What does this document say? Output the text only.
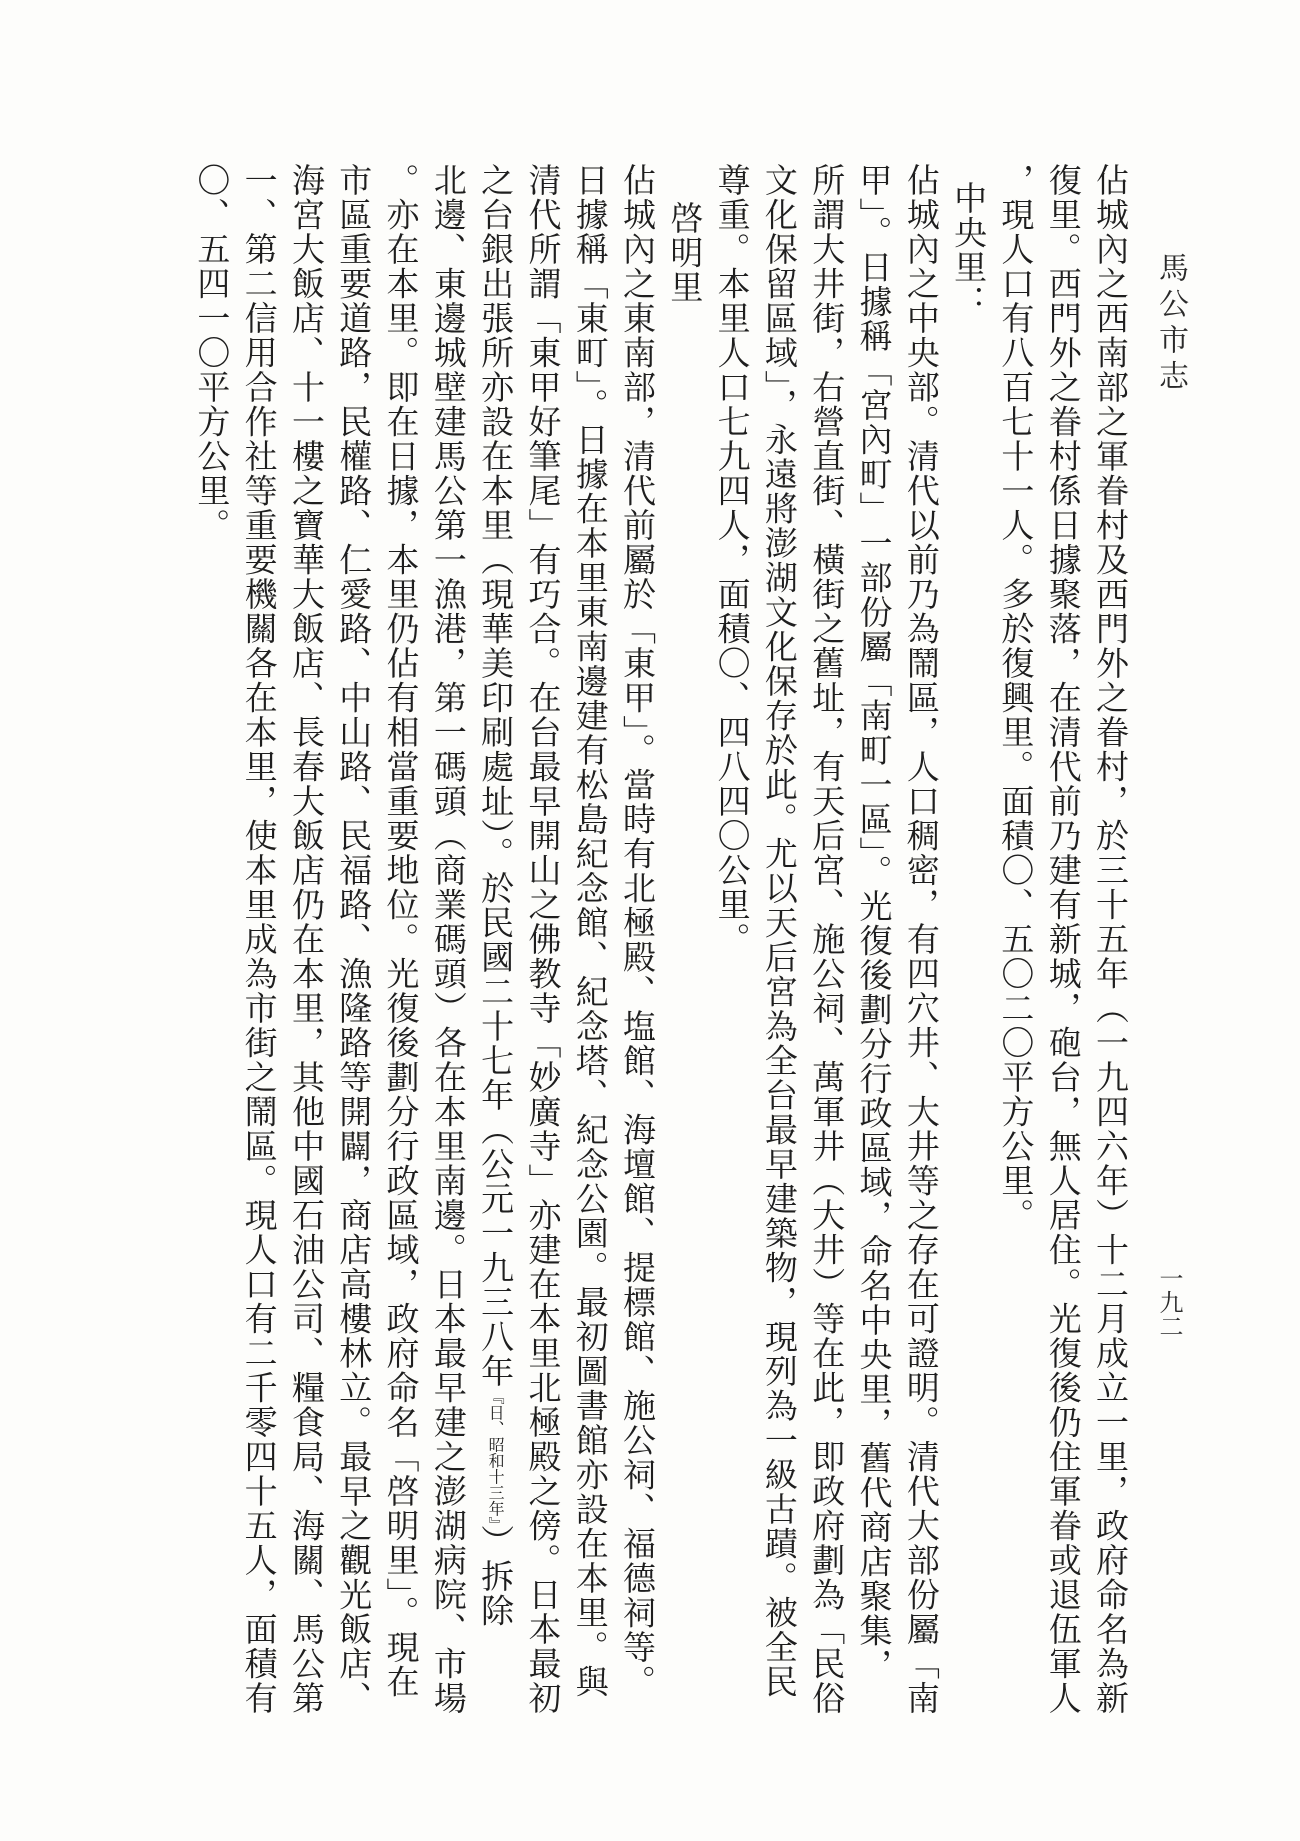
馬公市志
一九二
佔城內之西南部之軍眷村及西門外之眷村，於三十五年（一九四六年）十二月成立一里，政府命名為新
復里。西門外之眷村係日據聚落，在清代前乃建有新城，砲台，無人居住。光復後仍住軍眷或退伍軍人
，現人口有八百七十一人。多於復興里。面積〇、五〇二〇平方公里。
中央里：
佔城內之中央部。清代以前乃為鬧區，人口稠密，有四穴井、大井等之存在可證明。清代大部份屬「南
甲」。日據稱「宮內町」一部份屬「南町一區」。光復後劃分行政區域，命名中央里，舊代商店聚集，
所謂大井街，右營直街、橫街之舊址，有天后宮、施公祠、萬軍井（大井）等在此，即政府劃為「民俗
文化保留區域」，永遠將澎湖文化保存於此。尤以天后宮為全台最早建築物，現列為一級古蹟。被全民
尊重。本里人口七九四人，面積〇、四八四〇公里。
啓明里
佔城內之東南部，清代前屬於「東甲」。當時有北極殿、塩館、海壇館、提標館、施公祠、福德祠等。
日據稱「東町」。日據在本里東南邊建有松島紀念館、紀念塔、紀念公園。最初圖書館亦設在本里。與
清代所謂「東甲好筆尾」有巧合。在台最早開山之佛教寺「妙廣寺」亦建在本里北極殿之傍。日本最初
之台銀出張所亦設在本里（現華美印刷處址）。於民國二十七年（公元一九三八年『日、昭和十三年』）拆除
北邊、東邊城壁建馬公第一漁港，第一碼頭（商業碼頭）各在本里南邊。日本最早建之澎湖病院、市場
。亦在本里。即在日據，本里仍佔有相當重要地位。光復後劃分行政區域，政府命名「啓明里」。現在
市區重要道路，民權路、仁愛路、中山路、民福路、漁隆路等開闢，商店高樓林立。最早之觀光飯店、
海宮大飯店、十一樓之寶華大飯店、長春大飯店仍在本里，其他中國石油公司、糧食局、海關、馬公第
一、第二信用合作社等重要機關各在本里，使本里成為市街之鬧區。現人口有二千零四十五人，面積有
〇、五四一〇平方公里。
